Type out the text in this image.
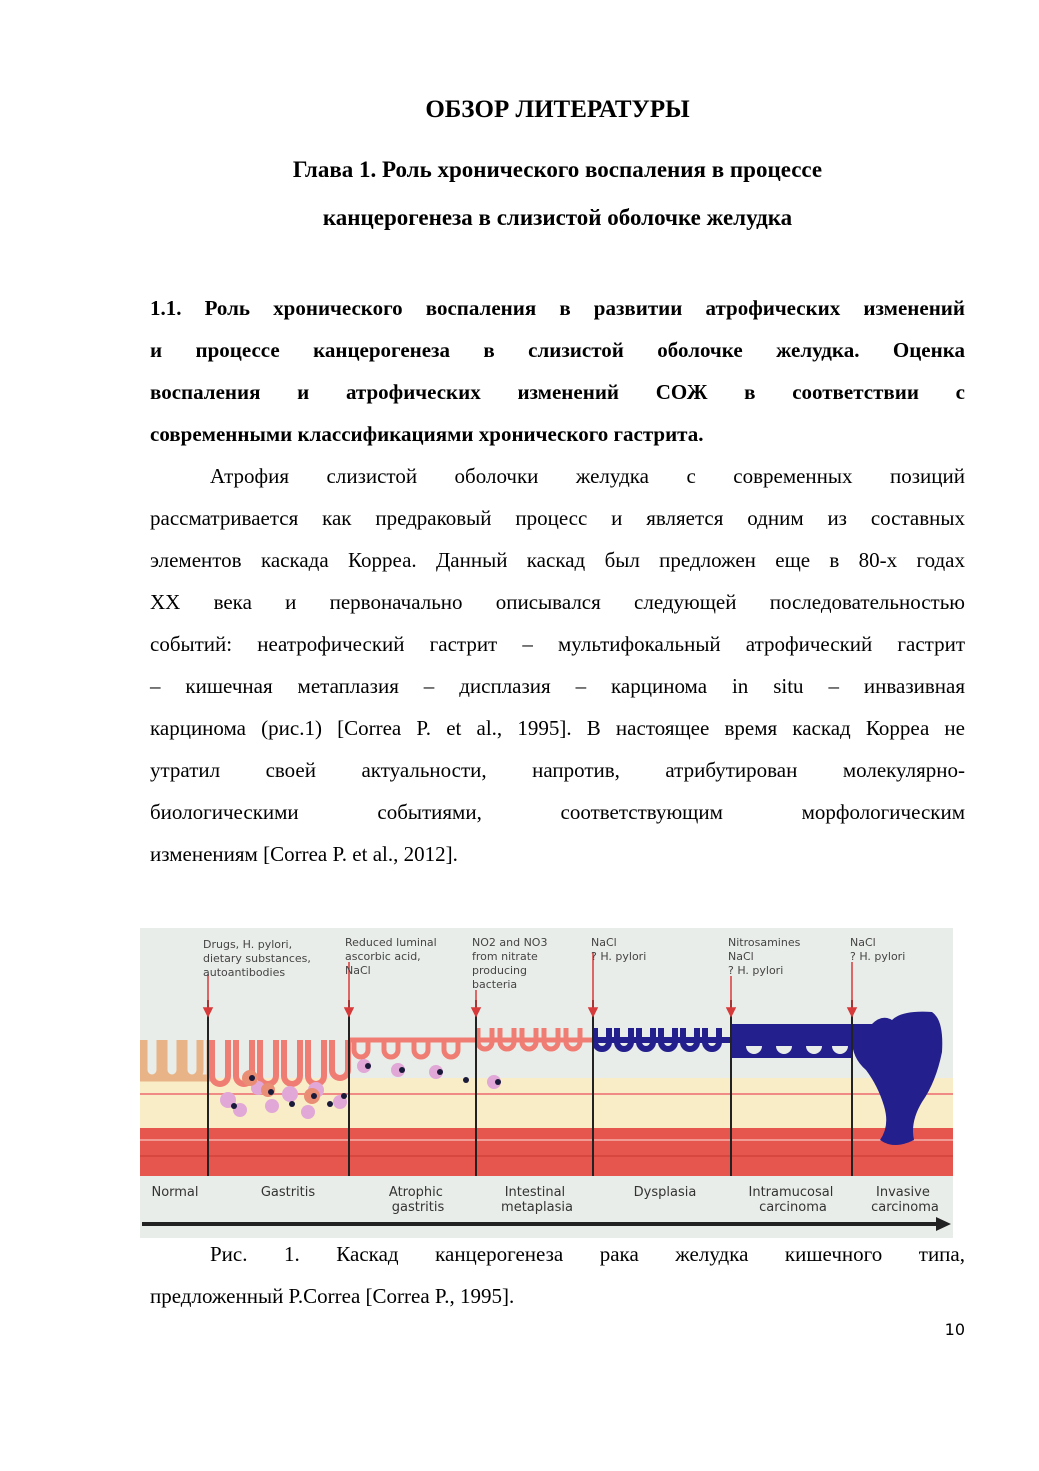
ОБЗОР ЛИТЕРАТУРЫ
Глава 1. Роль хронического воспаления в процессе
канцерогенеза в слизистой оболочке желудка
1.1. Роль хронического воспаления в развитии атрофических изменений
и процессе канцерогенеза в слизистой оболочке желудка. Оценка
воспаления и атрофических изменений СОЖ в соответствии с
современными классификациями хронического гастрита.
Атрофия слизистой оболочки желудка с современных позиций
рассматривается как предраковый процесс и является одним из составных
элементов каскада Корреа. Данный каскад был предложен еще в 80-х годах
XX века и первоначально описывался следующей последовательностью
событий: неатрофический гастрит – мультифокальный атрофический гастрит
– кишечная метаплазия – дисплазия – карцинома in situ – инвазивная
карцинома (рис.1) [Correa P. et al., 1995]. В настоящее время каскад Корреа не
утратил своей актуальности, напротив, атрибутирован молекулярно-
биологическими событиями, соответствующим морфологическим
изменениям [Correa P. et al., 2012].
Drugs, H. pylori, dietary substances, autoantibodies
Reduced luminal ascorbic acid, NaCl
NO2 and NO3 from nitrate producing bacteria
NaCl ? H. pylori
Nitrosamines NaCl ? H. pylori
NaCl ? H. pylori
Normal	Gastritis	Atrophic gastritis
Intestinal metaplasia
Dysplasia	Intramucosal carcinoma
Invasive carcinoma
Рис. 1. Каскад канцерогенеза рака желудка кишечного типа,
предложенный P.Correa [Correa P., 1995].
10
